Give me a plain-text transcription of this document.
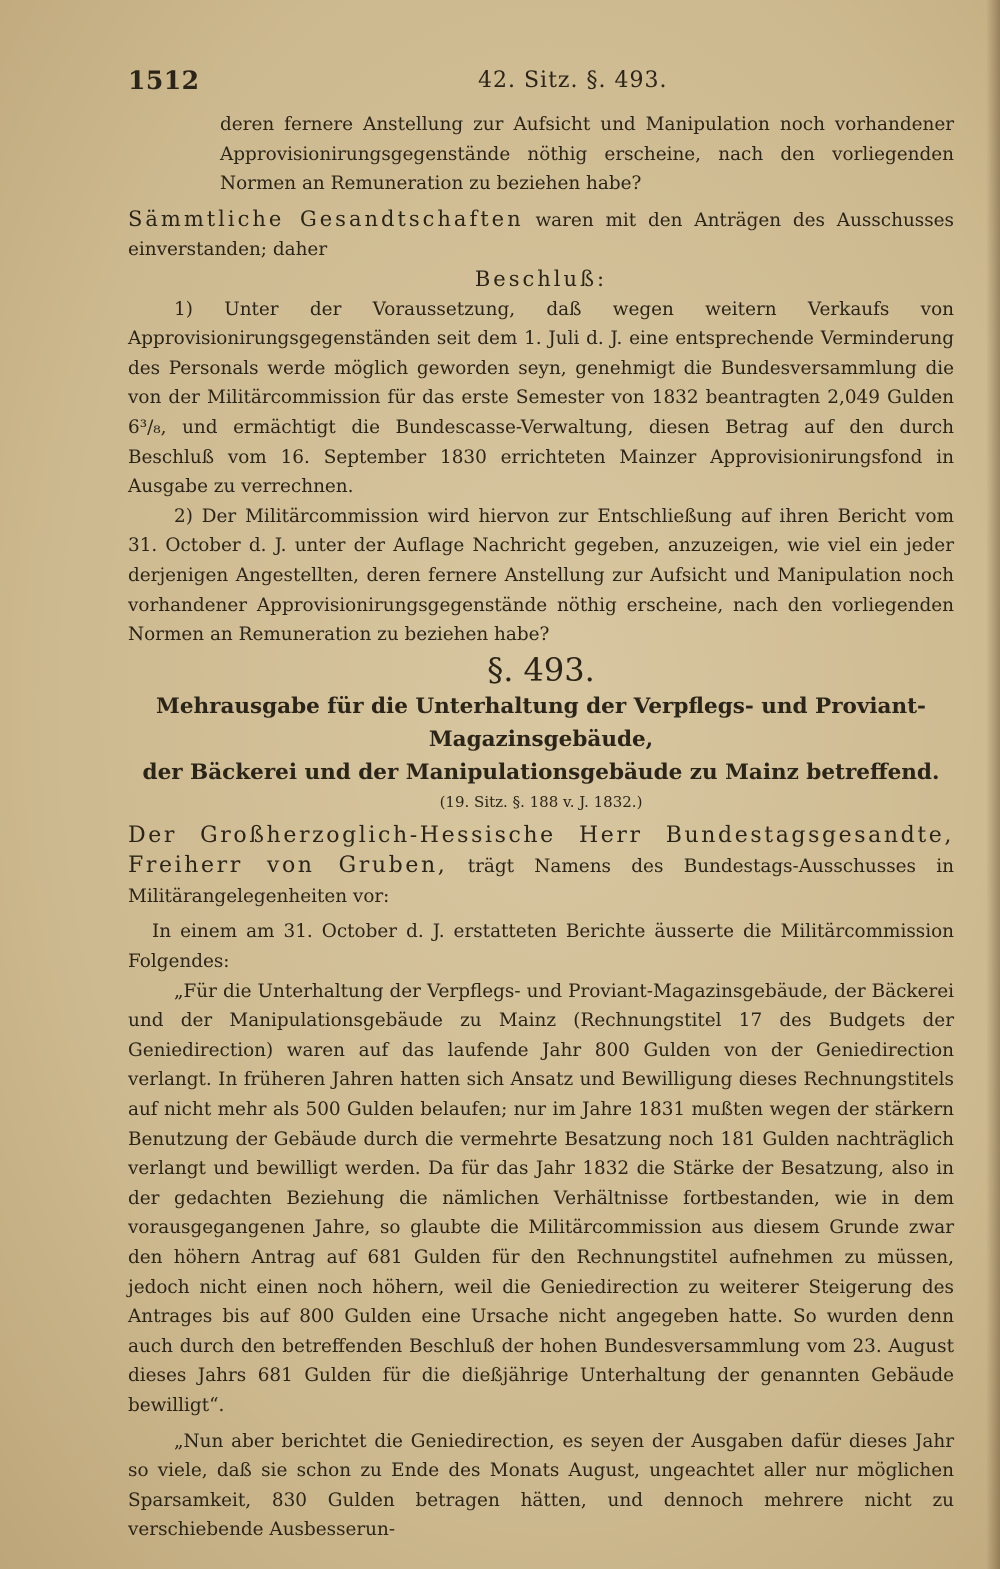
1512	42. Sitz. §. 493.

deren fernere Anstellung zur Aufsicht und Manipulation noch vorhandener Approvisionirungsgegenstände nöthig erscheine, nach den vorliegenden Normen an Remuneration zu beziehen habe?

Sämmtliche Gesandtschaften waren mit den Anträgen des Ausschusses einverstanden; daher

Beschluß:

1) Unter der Voraussetzung, daß wegen weitern Verkaufs von Approvisionirungsgegenständen seit dem 1. Juli d. J. eine entsprechende Verminderung des Personals werde möglich geworden seyn, genehmigt die Bundesversammlung die von der Militärcommission für das erste Semester von 1832 beantragten 2,049 Gulden 6³/₈, und ermächtigt die Bundescasse-Verwaltung, diesen Betrag auf den durch Beschluß vom 16. September 1830 errichteten Mainzer Approvisionirungsfond in Ausgabe zu verrechnen.

2) Der Militärcommission wird hiervon zur Entschließung auf ihren Bericht vom 31. October d. J. unter der Auflage Nachricht gegeben, anzuzeigen, wie viel ein jeder derjenigen Angestellten, deren fernere Anstellung zur Aufsicht und Manipulation noch vorhandener Approvisionirungsgegenstände nöthig erscheine, nach den vorliegenden Normen an Remuneration zu beziehen habe?

§. 493.

Mehrausgabe für die Unterhaltung der Verpflegs- und Proviant-Magazinsgebäude,

der Bäckerei und der Manipulationsgebäude zu Mainz betreffend.

(19. Sitz. §. 188 v. J. 1832.)

Der Großherzoglich-Hessische Herr Bundestagsgesandte, Freiherr von Gruben, trägt Namens des Bundestags-Ausschusses in Militärangelegenheiten vor:

In einem am 31. October d. J. erstatteten Berichte äusserte die Militärcommission Folgendes:

„Für die Unterhaltung der Verpflegs- und Proviant-Magazinsgebäude, der Bäckerei und der Manipulationsgebäude zu Mainz (Rechnungstitel 17 des Budgets der Geniedirection) waren auf das laufende Jahr 800 Gulden von der Geniedirection verlangt. In früheren Jahren hatten sich Ansatz und Bewilligung dieses Rechnungstitels auf nicht mehr als 500 Gulden belaufen; nur im Jahre 1831 mußten wegen der stärkern Benutzung der Gebäude durch die vermehrte Besatzung noch 181 Gulden nachträglich verlangt und bewilligt werden. Da für das Jahr 1832 die Stärke der Besatzung, also in der gedachten Beziehung die nämlichen Verhältnisse fortbestanden, wie in dem vorausgegangenen Jahre, so glaubte die Militärcommission aus diesem Grunde zwar den höhern Antrag auf 681 Gulden für den Rechnungstitel aufnehmen zu müssen, jedoch nicht einen noch höhern, weil die Geniedirection zu weiterer Steigerung des Antrages bis auf 800 Gulden eine Ursache nicht angegeben hatte. So wurden denn auch durch den betreffenden Beschluß der hohen Bundesversammlung vom 23. August dieses Jahrs 681 Gulden für die dießjährige Unterhaltung der genannten Gebäude bewilligt“.

„Nun aber berichtet die Geniedirection, es seyen der Ausgaben dafür dieses Jahr so viele, daß sie schon zu Ende des Monats August, ungeachtet aller nur möglichen Sparsamkeit, 830 Gulden betragen hätten, und dennoch mehrere nicht zu verschiebende Ausbesserun-
